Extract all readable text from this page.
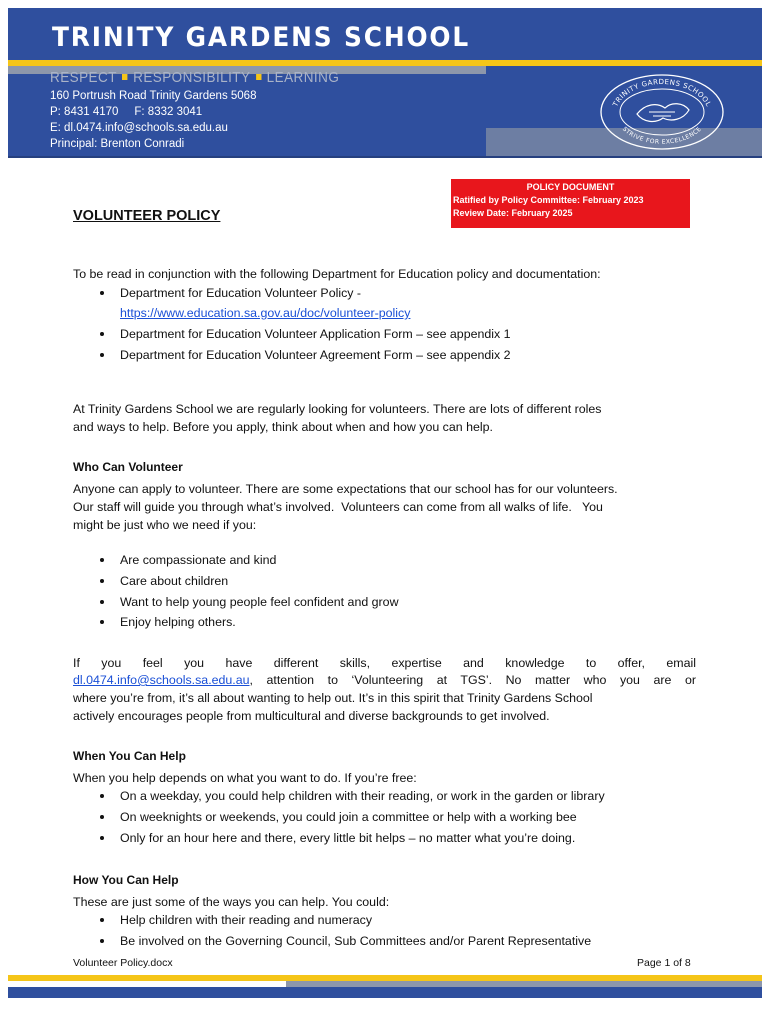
TRINITY GARDENS SCHOOL
RESPECT RESPONSIBILITY LEARNING
160 Portrush Road Trinity Gardens 5068
P: 8431 4170     F: 8332 3041
E: dl.0474.info@schools.sa.edu.au
Principal: Brenton Conradi
TRINITY GARDENS SCHOOL
STRIVE FOR EXCELLENCE
POLICY DOCUMENT
Ratified by Policy Committee: February 2023
Review Date: February 2025
VOLUNTEER POLICY
To be read in conjunction with the following Department for Education policy and documentation:
Department for Education Volunteer Policy -
https://www.education.sa.gov.au/doc/volunteer-policy
Department for Education Volunteer Application Form – see appendix 1
Department for Education Volunteer Agreement Form – see appendix 2
At Trinity Gardens School we are regularly looking for volunteers. There are lots of different roles
and ways to help. Before you apply, think about when and how you can help.
Who Can Volunteer
Anyone can apply to volunteer. There are some expectations that our school has for our volunteers.
Our staff will guide you through what’s involved.  Volunteers can come from all walks of life.   You
might be just who we need if you:
Are compassionate and kind
Care about children
Want to help young people feel confident and grow
Enjoy helping others.
If you feel you have different skills, expertise and knowledge to offer, email
dl.0474.info@schools.sa.edu.au , attention to ‘Volunteering at TGS’. No matter who you are or
where you’re from, it’s all about wanting to help out. It’s in this spirit that Trinity Gardens School
actively encourages people from multicultural and diverse backgrounds to get involved.
When You Can Help
When you help depends on what you want to do. If you’re free:
On a weekday, you could help children with their reading, or work in the garden or library
On weeknights or weekends, you could join a committee or help with a working bee
Only for an hour here and there, every little bit helps – no matter what you’re doing.
How You Can Help
These are just some of the ways you can help. You could:
Help children with their reading and numeracy
Be involved on the Governing Council, Sub Committees and/or Parent Representative
Volunteer Policy.docx	Page 1 of 8
